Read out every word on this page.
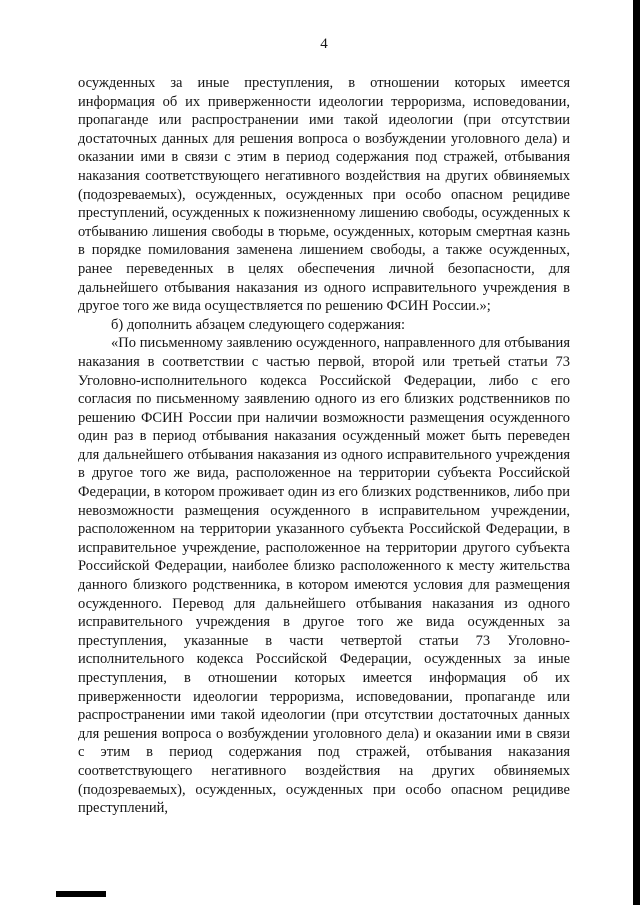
4

осужденных за иные преступления, в отношении которых имеется информация об их приверженности идеологии терроризма, исповедовании, пропаганде или распространении ими такой идеологии (при отсутствии достаточных данных для решения вопроса о возбуждении уголовного дела) и оказании ими в связи с этим в период содержания под стражей, отбывания наказания соответствующего негативного воздействия на других обвиняемых (подозреваемых), осужденных, осужденных при особо опасном рецидиве преступлений, осужденных к пожизненному лишению свободы, осужденных к отбыванию лишения свободы в тюрьме, осужденных, которым смертная казнь в порядке помилования заменена лишением свободы, а также осужденных, ранее переведенных в целях обеспечения личной безопасности, для дальнейшего отбывания наказания из одного исправительного учреждения в другое того же вида осуществляется по решению ФСИН России.»;

б) дополнить абзацем следующего содержания:

«По письменному заявлению осужденного, направленного для отбывания наказания в соответствии с частью первой, второй или третьей статьи 73 Уголовно-исполнительного кодекса Российской Федерации, либо с его согласия по письменному заявлению одного из его близких родственников по решению ФСИН России при наличии возможности размещения осужденного один раз в период отбывания наказания осужденный может быть переведен для дальнейшего отбывания наказания из одного исправительного учреждения в другое того же вида, расположенное на территории субъекта Российской Федерации, в котором проживает один из его близких родственников, либо при невозможности размещения осужденного в исправительном учреждении, расположенном на территории указанного субъекта Российской Федерации, в исправительное учреждение, расположенное на территории другого субъекта Российской Федерации, наиболее близко расположенного к месту жительства данного близкого родственника, в котором имеются условия для размещения осужденного. Перевод для дальнейшего отбывания наказания из одного исправительного учреждения в другое того же вида осужденных за преступления, указанные в части четвертой статьи 73 Уголовно-исполнительного кодекса Российской Федерации, осужденных за иные преступления, в отношении которых имеется информация об их приверженности идеологии терроризма, исповедовании, пропаганде или распространении ими такой идеологии (при отсутствии достаточных данных для решения вопроса о возбуждении уголовного дела) и оказании ими в связи с этим в период содержания под стражей, отбывания наказания соответствующего негативного воздействия на других обвиняемых (подозреваемых), осужденных, осужденных при особо опасном рецидиве преступлений,
